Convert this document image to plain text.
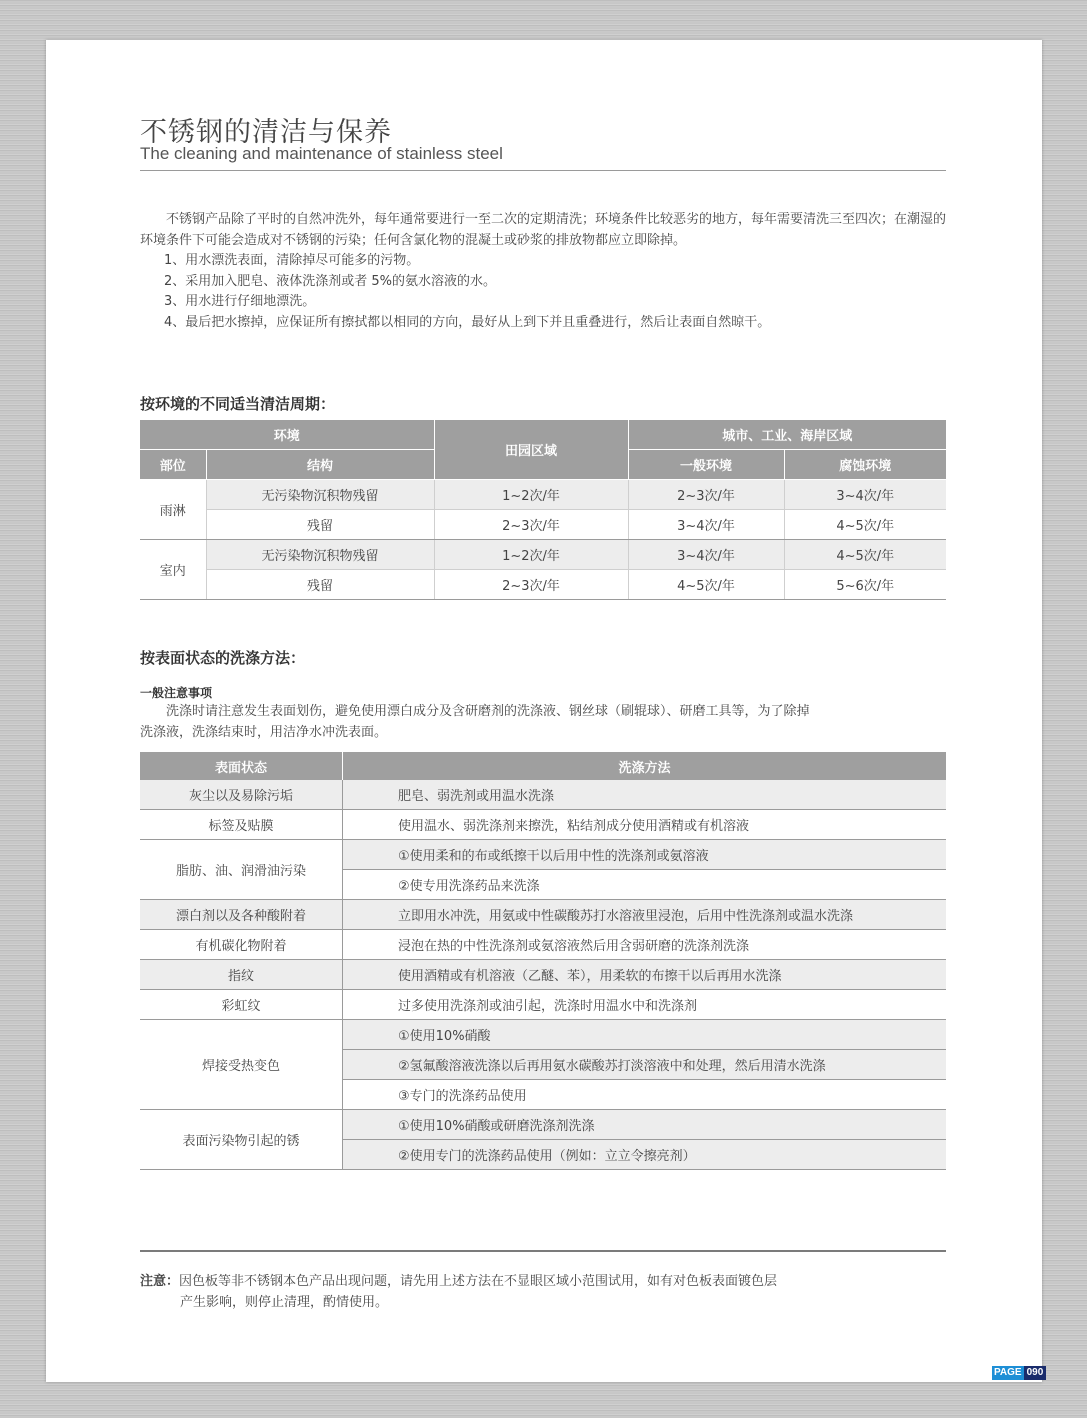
不锈钢的清洁与保养
The cleaning and maintenance of stainless steel

不锈钢产品除了平时的自然冲洗外，每年通常要进行一至二次的定期清洗；环境条件比较恶劣的地方，每年需要清洗三至四次；在潮湿的环境条件下可能会造成对不锈钢的污染；任何含氯化物的混凝土或砂浆的排放物都应立即除掉。

1、用水漂洗表面，清除掉尽可能多的污物。

2、采用加入肥皂、液体洗涤剂或者 5%的氨水溶液的水。

3、用水进行仔细地漂洗。

4、最后把水擦掉，应保证所有擦拭都以相同的方向，最好从上到下并且重叠进行，然后让表面自然晾干。

按环境的不同适当清洁周期：
环境		田园区域	城市、工业、海岸区域	
部位	结构		一般环境	腐蚀环境
雨淋	无污染物沉积物残留	1~2次/年	2~3次/年	3~4次/年
	残留	2~3次/年	3~4次/年	4~5次/年
室内	无污染物沉积物残留	1~2次/年	3~4次/年	4~5次/年
	残留	2~3次/年	4~5次/年	5~6次/年
按表面状态的洗涤方法：
一般注意事项

洗涤时请注意发生表面划伤，避免使用漂白成分及含研磨剂的洗涤液、钢丝球（刷辊球）、研磨工具等，为了除掉洗涤液，洗涤结束时，用洁净水冲洗表面。

表面状态	洗涤方法
灰尘以及易除污垢	肥皂、弱洗剂或用温水洗涤
标签及贴膜	使用温水、弱洗涤剂来擦洗，粘结剂成分使用酒精或有机溶液
脂肪、油、润滑油污染	①使用柔和的布或纸擦干以后用中性的洗涤剂或氨溶液
	②使专用洗涤药品来洗涤
漂白剂以及各种酸附着	立即用水冲洗，用氨或中性碳酸苏打水溶液里浸泡，后用中性洗涤剂或温水洗涤
有机碳化物附着	浸泡在热的中性洗涤剂或氨溶液然后用含弱研磨的洗涤剂洗涤
指纹	使用酒精或有机溶液（乙醚、苯），用柔软的布擦干以后再用水洗涤
彩虹纹	过多使用洗涤剂或油引起，洗涤时用温水中和洗涤剂
焊接受热变色	①使用10%硝酸
	②氢氟酸溶液洗涤以后再用氨水碳酸苏打淡溶液中和处理，然后用清水洗涤
	③专门的洗涤药品使用
表面污染物引起的锈	①使用10%硝酸或研磨洗涤剂洗涤
	②使用专门的洗涤药品使用（例如：立立令擦亮剂）
注意：因色板等非不锈钢本色产品出现问题，请先用上述方法在不显眼区域小范围试用，如有对色板表面镀色层
产生影响，则停止清理，酌情使用。
PAGE 090
